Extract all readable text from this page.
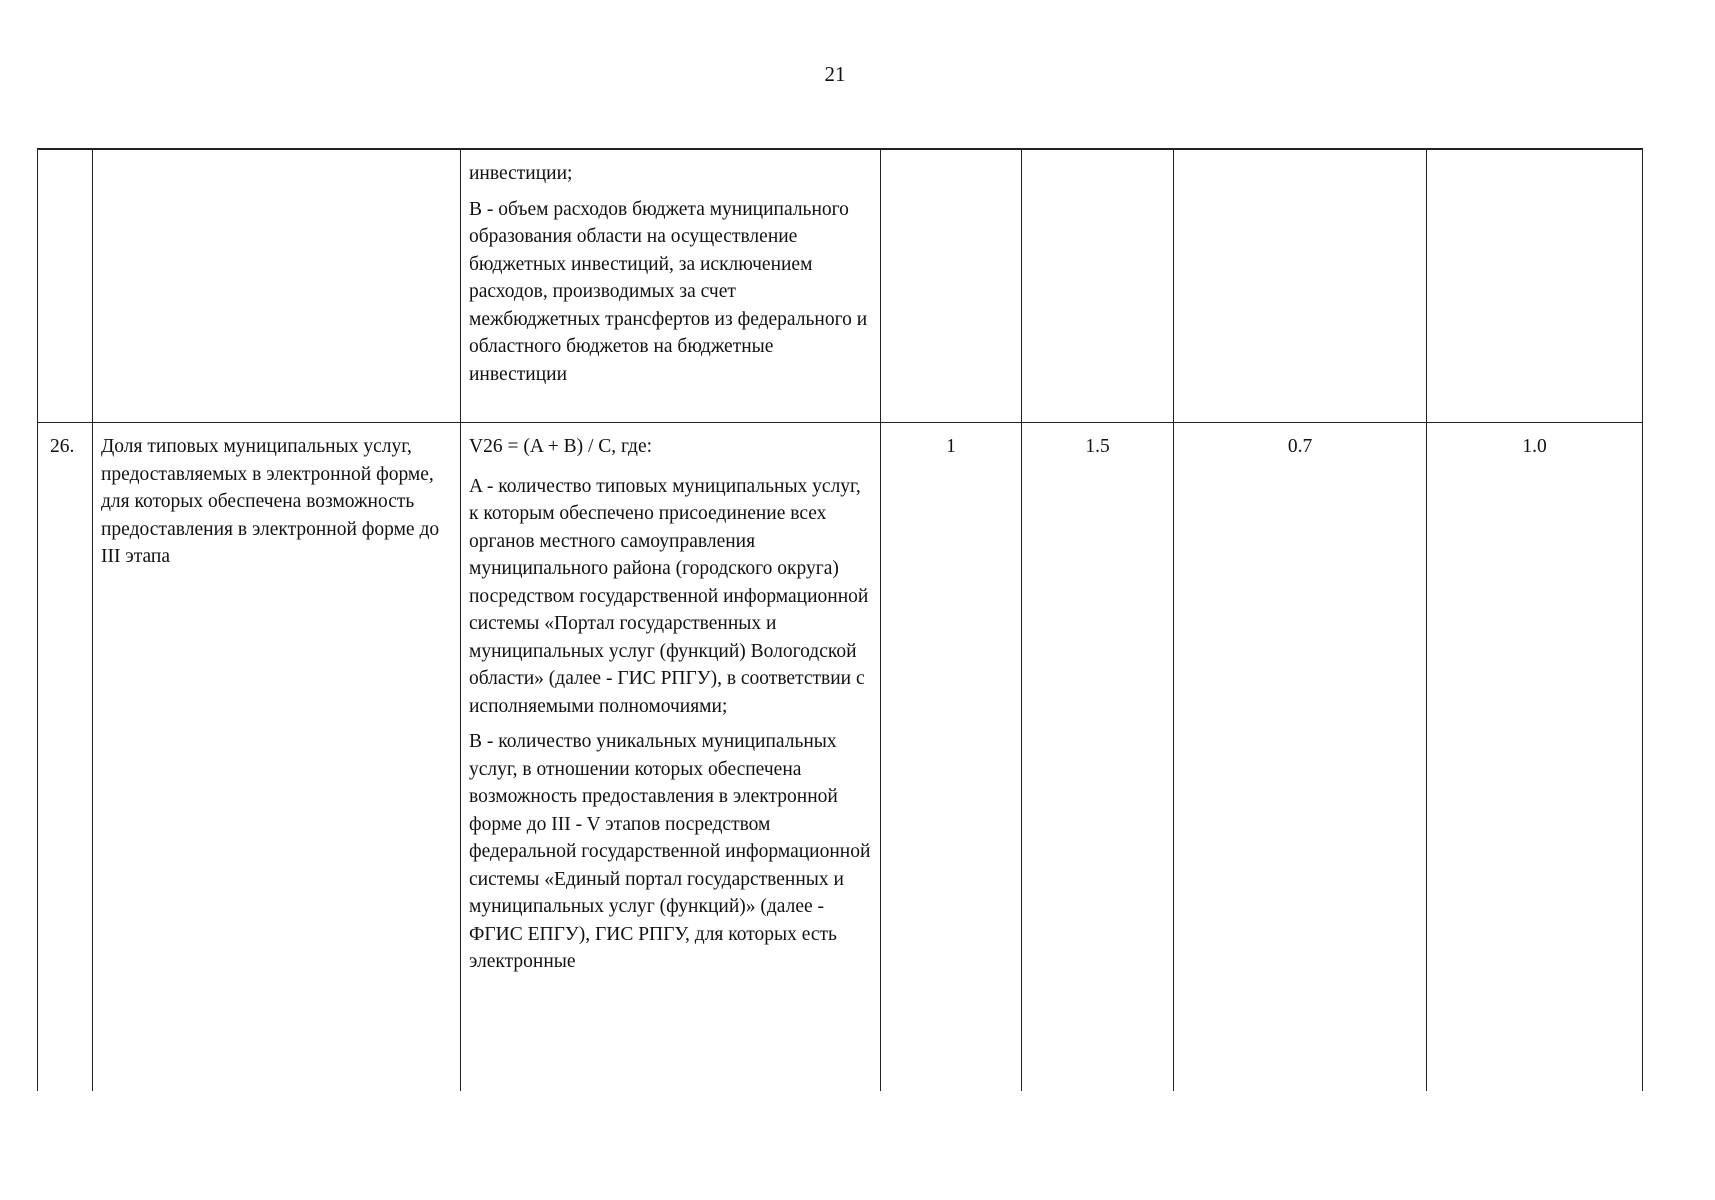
21

		инвестиции;

B - объем расходов бюджета муниципального образования области на осуществление бюджетных инвестиций, за исключением расходов, производимых за счет межбюджетных трансфертов из федерального и областного бюджетов на бюджетные инвестиции				

26.	Доля типовых муниципальных услуг, предоставляемых в электронной форме, для которых обеспечена возможность предоставления в электронной форме до III этапа	V26 = (A + B) / C, где:

A - количество типовых муниципальных услуг, к которым обеспечено присоединение всех органов местного самоуправления муниципального района (городского округа) посредством государственной информационной системы «Портал государственных и муниципальных услуг (функций) Вологодской области» (далее - ГИС РПГУ), в соответствии с исполняемыми полномочиями;

B - количество уникальных муниципальных услуг, в отношении которых обеспечена возможность предоставления в электронной форме до III - V этапов посредством федеральной государственной информационной системы «Единый портал государственных и муниципальных услуг (функций)» (далее - ФГИС ЕПГУ), ГИС РПГУ, для которых есть электронные	1	1.5	0.7	1.0
